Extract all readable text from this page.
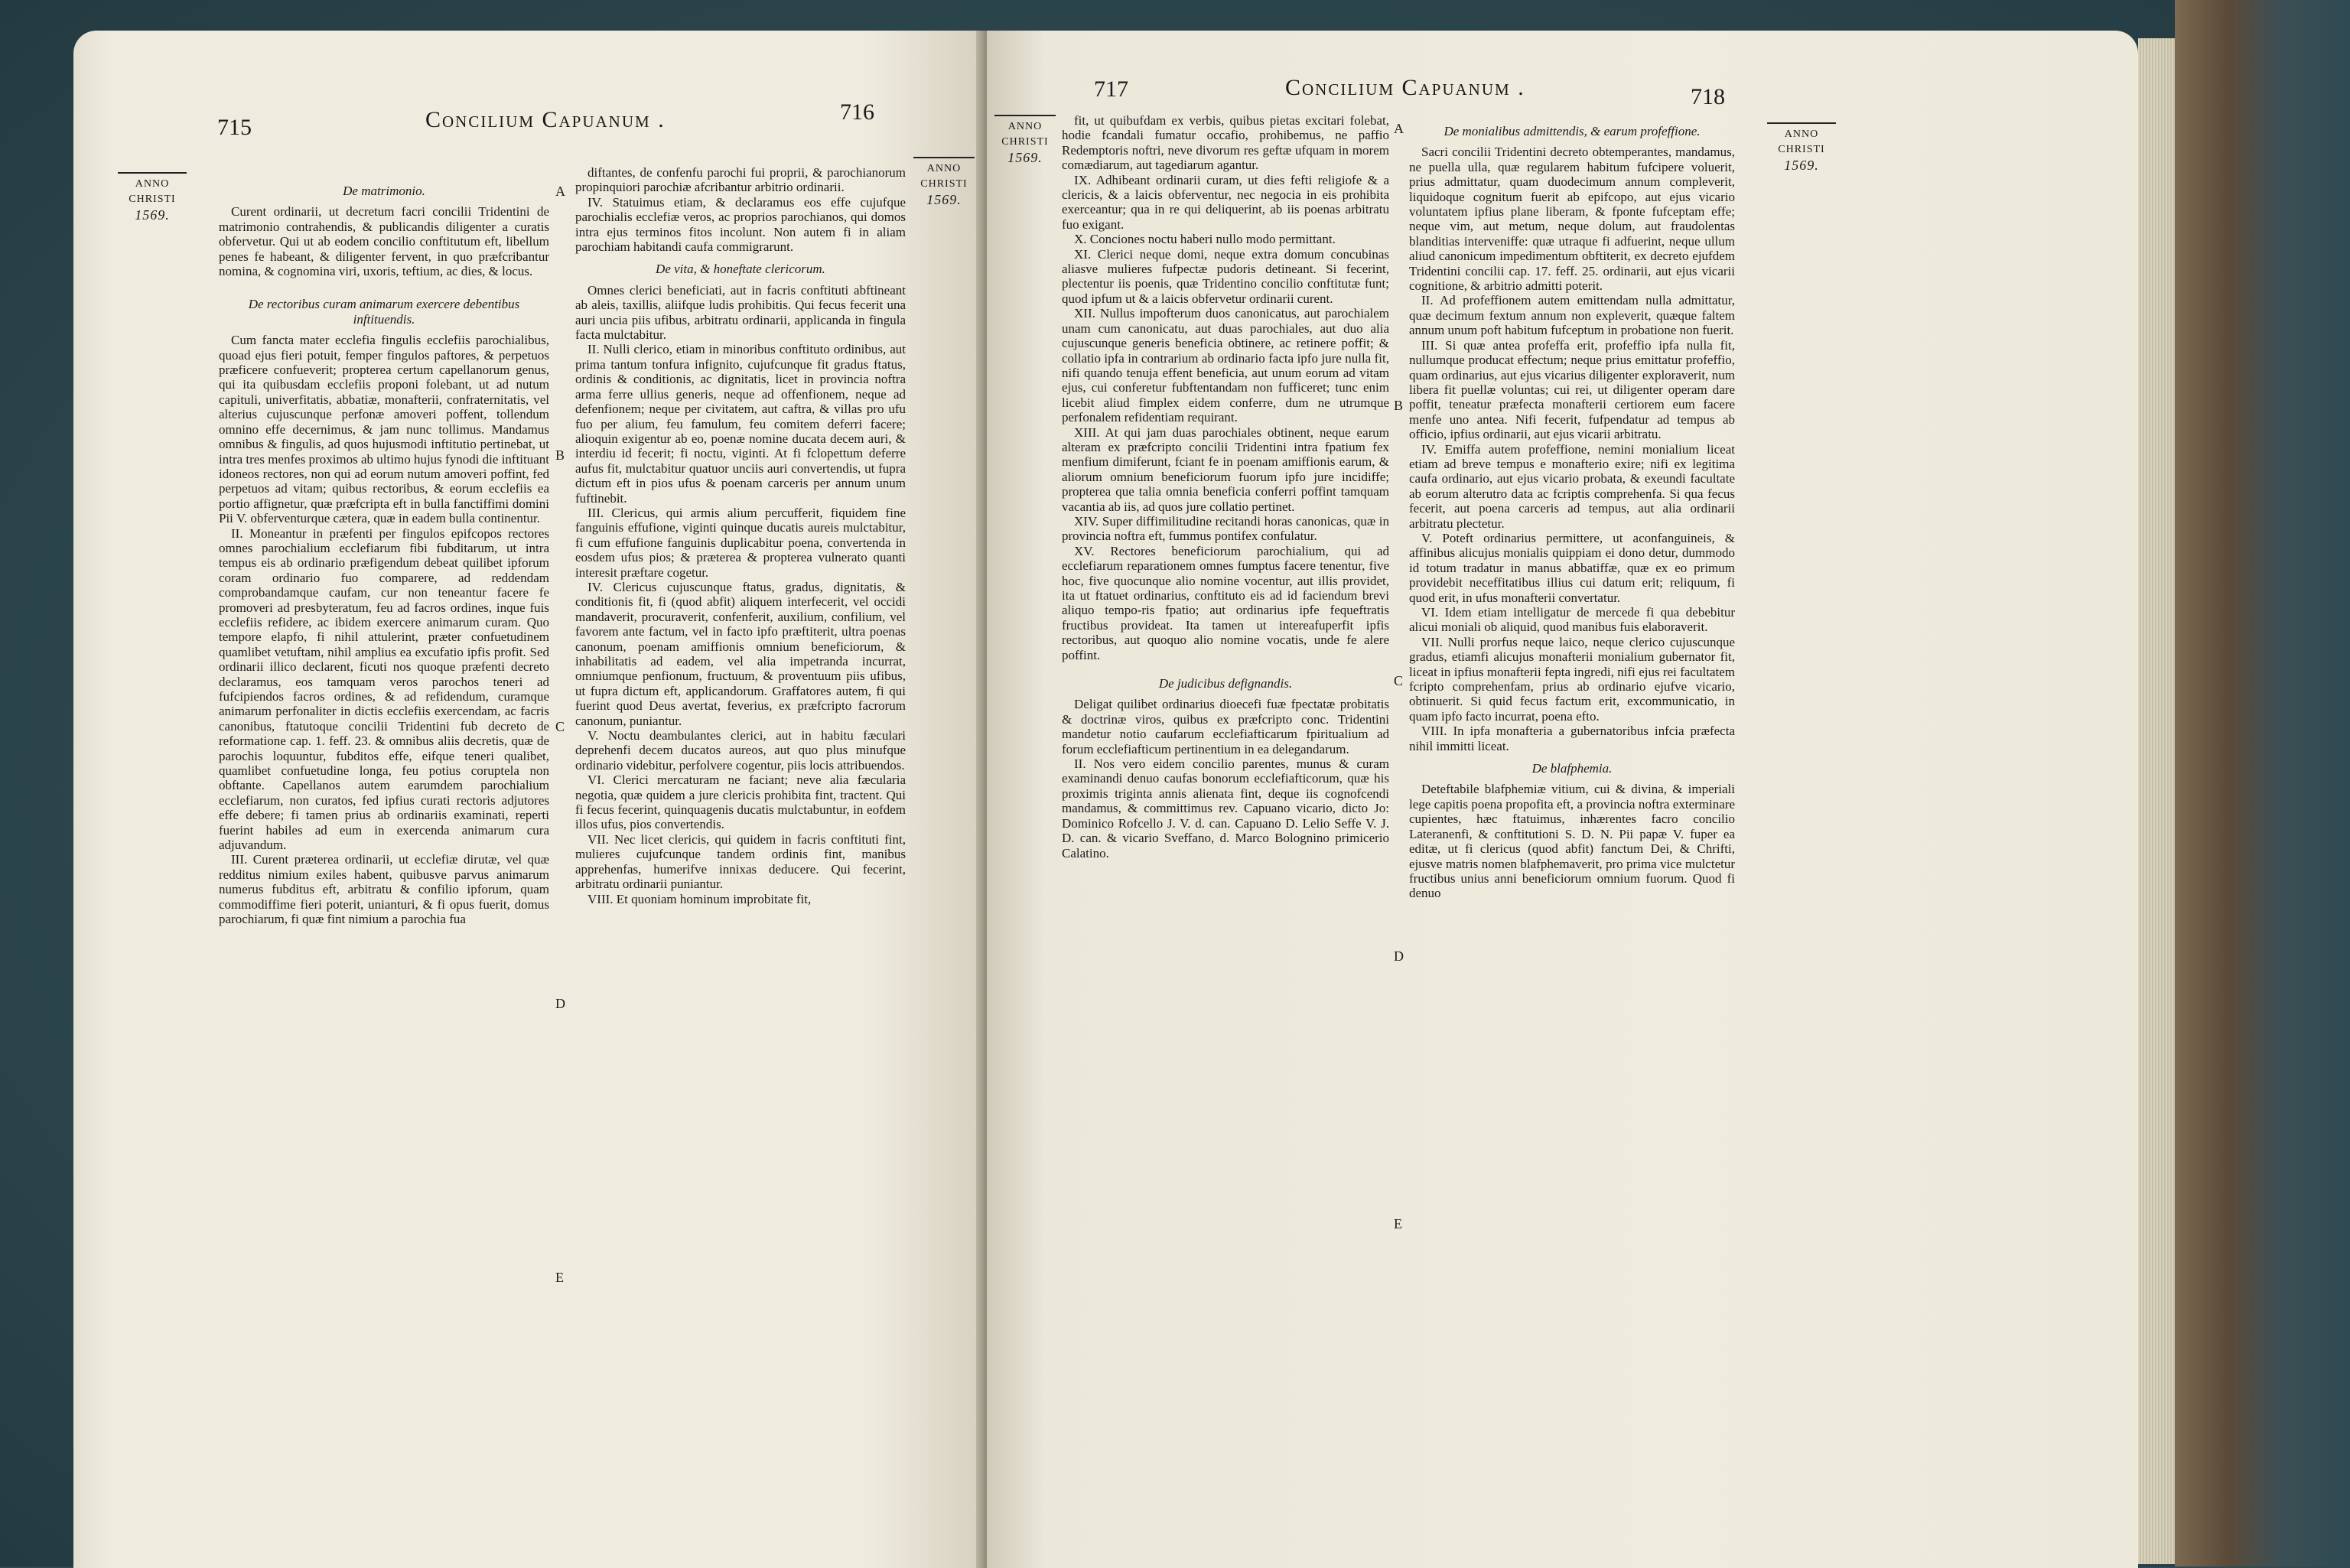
715	Concilium Capuanum .	716
ANNO
CHRISTI
1569.
ANNO
CHRISTI
1569.

De matrimonio.

Curent ordinarii, ut decretum facri concilii Tridentini de matrimonio contrahendis, & publicandis diligenter a curatis obfervetur. Qui ut ab eodem concilio conftitutum eft, libellum penes fe habeant, & diligenter fervent, in quo præfcribantur nomina, & cognomina viri, uxoris, teftium, ac dies, & locus.

De rectoribus curam animarum exercere debentibus inftituendis.

Cum fancta mater ecclefia fingulis ecclefiis parochialibus, quoad ejus fieri potuit, femper fingulos paftores, & perpetuos præficere confueverit; propterea certum capellanorum genus, qui ita quibusdam ecclefiis proponi folebant, ut ad nutum capituli, univerfitatis, abbatiæ, monafterii, confraternitatis, vel alterius cujuscunque perfonæ amoveri poffent, tollendum omnino effe decernimus, & jam nunc tollimus. Mandamus omnibus & fingulis, ad quos hujusmodi inftitutio pertinebat, ut intra tres menfes proximos ab ultimo hujus fynodi die inftituant idoneos rectores, non qui ad eorum nutum amoveri poffint, fed perpetuos ad vitam; quibus rectoribus, & eorum ecclefiis ea portio affignetur, quæ præfcripta eft in bulla fanctiffimi domini Pii V. obferventurque cætera, quæ in eadem bulla continentur.

II. Moneantur in præfenti per fingulos epifcopos rectores omnes parochialium ecclefiarum fibi fubditarum, ut intra tempus eis ab ordinario præfigendum debeat quilibet ipforum coram ordinario fuo comparere, ad reddendam comprobandamque caufam, cur non teneantur facere fe promoveri ad presbyteratum, feu ad facros ordines, inque fuis ecclefiis refidere, ac ibidem exercere animarum curam. Quo tempore elapfo, fi nihil attulerint, præter confuetudinem quamlibet vetuftam, nihil amplius ea excufatio ipfis profit. Sed ordinarii illico declarent, ficuti nos quoque præfenti decreto declaramus, eos tamquam veros parochos teneri ad fufcipiendos facros ordines, & ad refidendum, curamque animarum perfonaliter in dictis ecclefiis exercendam, ac facris canonibus, ftatutoque concilii Tridentini fub decreto de reformatione cap. 1. feff. 23. & omnibus aliis decretis, quæ de parochis loquuntur, fubditos effe, eifque teneri qualibet, quamlibet confuetudine longa, feu potius coruptela non obftante. Capellanos autem earumdem parochialium ecclefiarum, non curatos, fed ipfius curati rectoris adjutores effe debere; fi tamen prius ab ordinariis examinati, reperti fuerint habiles ad eum in exercenda animarum cura adjuvandum.

III. Curent præterea ordinarii, ut ecclefiæ dirutæ, vel quæ redditus nimium exiles habent, quibusve parvus animarum numerus fubditus eft, arbitratu & confilio ipforum, quam commodiffime fieri poterit, unianturi, & fi opus fuerit, domus parochiarum, fi quæ fint nimium a parochia fua

diftantes, de confenfu parochi fui proprii, & parochianorum propinquiori parochiæ afcribantur arbitrio ordinarii.

IV. Statuimus etiam, & declaramus eos effe cujufque parochialis ecclefiæ veros, ac proprios parochianos, qui domos intra ejus terminos fitos incolunt. Non autem fi in aliam parochiam habitandi caufa commigrarunt.

De vita, & honeftate clericorum.

Omnes clerici beneficiati, aut in facris conftituti abftineant ab aleis, taxillis, aliifque ludis prohibitis. Qui fecus fecerit una auri uncia piis ufibus, arbitratu ordinarii, applicanda in fingula facta mulctabitur.

II. Nulli clerico, etiam in minoribus conftituto ordinibus, aut prima tantum tonfura infignito, cujufcunque fit gradus ftatus, ordinis & conditionis, ac dignitatis, licet in provincia noftra arma ferre ullius generis, neque ad offenfionem, neque ad defenfionem; neque per civitatem, aut caftra, & villas pro ufu fuo per alium, feu famulum, feu comitem deferri facere; alioquin exigentur ab eo, poenæ nomine ducata decem auri, & interdiu id fecerit; fi noctu, viginti. At fi fclopettum deferre aufus fit, mulctabitur quatuor unciis auri convertendis, ut fupra dictum eft in pios ufus & poenam carceris per annum unum fuftinebit.

III. Clericus, qui armis alium percufferit, fiquidem fine fanguinis effufione, viginti quinque ducatis aureis mulctabitur, fi cum effufione fanguinis duplicabitur poena, convertenda in eosdem ufus pios; & præterea & propterea vulnerato quanti interesit præftare cogetur.

IV. Clericus cujuscunque ftatus, gradus, dignitatis, & conditionis fit, fi (quod abfit) aliquem interfecerit, vel occidi mandaverit, procuraverit, confenferit, auxilium, confilium, vel favorem ante factum, vel in facto ipfo præftiterit, ultra poenas canonum, poenam amiffionis omnium beneficiorum, & inhabilitatis ad eadem, vel alia impetranda incurrat, omniumque penfionum, fructuum, & proventuum piis ufibus, ut fupra dictum eft, applicandorum. Graffatores autem, fi qui fuerint quod Deus avertat, feverius, ex præfcripto facrorum canonum, puniantur.

V. Noctu deambulantes clerici, aut in habitu fæculari deprehenfi decem ducatos aureos, aut quo plus minufque ordinario videbitur, perfolvere cogentur, piis locis attribuendos.

VI. Clerici mercaturam ne faciant; neve alia fæcularia negotia, quæ quidem a jure clericis prohibita fint, tractent. Qui fi fecus fecerint, quinquagenis ducatis mulctabuntur, in eofdem illos ufus, pios convertendis.

VII. Nec licet clericis, qui quidem in facris conftituti fint, mulieres cujufcunque tandem ordinis fint, manibus apprehenfas, humerifve innixas deducere. Qui fecerint, arbitratu ordinarii puniantur.

VIII. Et quoniam hominum improbitate fit,

A
B
C
D
E
717	Concilium Capuanum .	718
ANNO
CHRISTI
1569.
ANNO
CHRISTI
1569.

fit, ut quibufdam ex verbis, quibus pietas excitari folebat, hodie fcandali fumatur occafio, prohibemus, ne paffio Redemptoris noftri, neve divorum res geftæ ufquam in morem comædiarum, aut tagediarum agantur.

IX. Adhibeant ordinarii curam, ut dies fefti religiofe & a clericis, & a laicis obferventur, nec negocia in eis prohibita exerceantur; qua in re qui deliquerint, ab iis poenas arbitratu fuo exigant.

X. Conciones noctu haberi nullo modo permittant.

XI. Clerici neque domi, neque extra domum concubinas aliasve mulieres fufpectæ pudoris detineant. Si fecerint, plectentur iis poenis, quæ Tridentino concilio conftitutæ funt; quod ipfum ut & a laicis obfervetur ordinarii curent.

XII. Nullus impofterum duos canonicatus, aut parochialem unam cum canonicatu, aut duas parochiales, aut duo alia cujuscunque generis beneficia obtinere, ac retinere poffit; & collatio ipfa in contrarium ab ordinario facta ipfo jure nulla fit, nifi quando tenuja effent beneficia, aut unum eorum ad vitam ejus, cui conferetur fubftentandam non fufficeret; tunc enim licebit aliud fimplex eidem conferre, dum ne utrumque perfonalem refidentiam requirant.

XIII. At qui jam duas parochiales obtinent, neque earum alteram ex præfcripto concilii Tridentini intra fpatium fex menfium dimiferunt, fciant fe in poenam amiffionis earum, & aliorum omnium beneficiorum fuorum ipfo jure incidiffe; propterea que talia omnia beneficia conferri poffint tamquam vacantia ab iis, ad quos jure collatio pertinet.

XIV. Super diffimilitudine recitandi horas canonicas, quæ in provincia noftra eft, fummus pontifex confulatur.

XV. Rectores beneficiorum parochialium, qui ad ecclefiarum reparationem omnes fumptus facere tenentur, five hoc, five quocunque alio nomine vocentur, aut illis providet, ita ut ftatuet ordinarius, conftituto eis ad id faciendum brevi aliquo tempo-ris fpatio; aut ordinarius ipfe fequeftratis fructibus provideat. Ita tamen ut intereafuperfit ipfis rectoribus, aut quoquo alio nomine vocatis, unde fe alere poffint.

De judicibus defignandis.

Deligat quilibet ordinarius dioecefi fuæ fpectatæ probitatis & doctrinæ viros, quibus ex præfcripto conc. Tridentini mandetur notio caufarum ecclefiafticarum fpiritualium ad forum ecclefiafticum pertinentium in ea delegandarum.

II. Nos vero eidem concilio parentes, munus & curam examinandi denuo caufas bonorum ecclefiafticorum, quæ his proximis triginta annis alienata fint, deque iis cognofcendi mandamus, & committimus rev. Capuano vicario, dicto Jo: Dominico Rofcello J. V. d. can. Capuano D. Lelio Seffe V. J. D. can. & vicario Sveffano, d. Marco Bolognino primicerio Calatino.

De monialibus admittendis, & earum profeffione.

Sacri concilii Tridentini decreto obtemperantes, mandamus, ne puella ulla, quæ regularem habitum fufcipere voluerit, prius admittatur, quam duodecimum annum compleverit, liquidoque cognitum fuerit ab epifcopo, aut ejus vicario voluntatem ipfius plane liberam, & fponte fufceptam effe; neque vim, aut metum, neque dolum, aut fraudolentas blanditias interveniffe: quæ utraque fi adfuerint, neque ullum aliud canonicum impedimentum obftiterit, ex decreto ejufdem Tridentini concilii cap. 17. feff. 25. ordinarii, aut ejus vicarii cognitione, & arbitrio admitti poterit.

II. Ad profeffionem autem emittendam nulla admittatur, quæ decimum fextum annum non expleverit, quæque faltem annum unum poft habitum fufceptum in probatione non fuerit.

III. Si quæ antea profeffa erit, profeffio ipfa nulla fit, nullumque producat effectum; neque prius emittatur profeffio, quam ordinarius, aut ejus vicarius diligenter exploraverit, num libera fit puellæ voluntas; cui rei, ut diligenter operam dare poffit, teneatur præfecta monafterii certiorem eum facere menfe uno antea. Nifi fecerit, fufpendatur ad tempus ab officio, ipfius ordinarii, aut ejus vicarii arbitratu.

IV. Emiffa autem profeffione, nemini monialium liceat etiam ad breve tempus e monafterio exire; nifi ex legitima caufa ordinario, aut ejus vicario probata, & exeundi facultate ab eorum alterutro data ac fcriptis comprehenfa. Si qua fecus fecerit, aut poena carceris ad tempus, aut alia ordinarii arbitratu plectetur.

V. Poteft ordinarius permittere, ut aconfanguineis, & affinibus alicujus monialis quippiam ei dono detur, dummodo id totum tradatur in manus abbatiffæ, quæ ex eo primum providebit neceffitatibus illius cui datum erit; reliquum, fi quod erit, in ufus monafterii convertatur.

VI. Idem etiam intelligatur de mercede fi qua debebitur alicui moniali ob aliquid, quod manibus fuis elaboraverit.

VII. Nulli prorfus neque laico, neque clerico cujuscunque gradus, etiamfi alicujus monafterii monialium gubernator fit, liceat in ipfius monafterii fepta ingredi, nifi ejus rei facultatem fcripto comprehenfam, prius ab ordinario ejufve vicario, obtinuerit. Si quid fecus factum erit, excommunicatio, in quam ipfo facto incurrat, poena efto.

VIII. In ipfa monafteria a gubernatoribus infcia præfecta nihil immitti liceat.

De blafphemia.

Deteftabile blafphemiæ vitium, cui & divina, & imperiali lege capitis poena propofita eft, a provincia noftra exterminare cupientes, hæc ftatuimus, inhærentes facro concilio Lateranenfi, & conftitutioni S. D. N. Pii papæ V. fuper ea editæ, ut fi clericus (quod abfit) fanctum Dei, & Chrifti, ejusve matris nomen blafphemaverit, pro prima vice mulctetur fructibus unius anni beneficiorum omnium fuorum. Quod fi denuo

A
B
C
D
E
